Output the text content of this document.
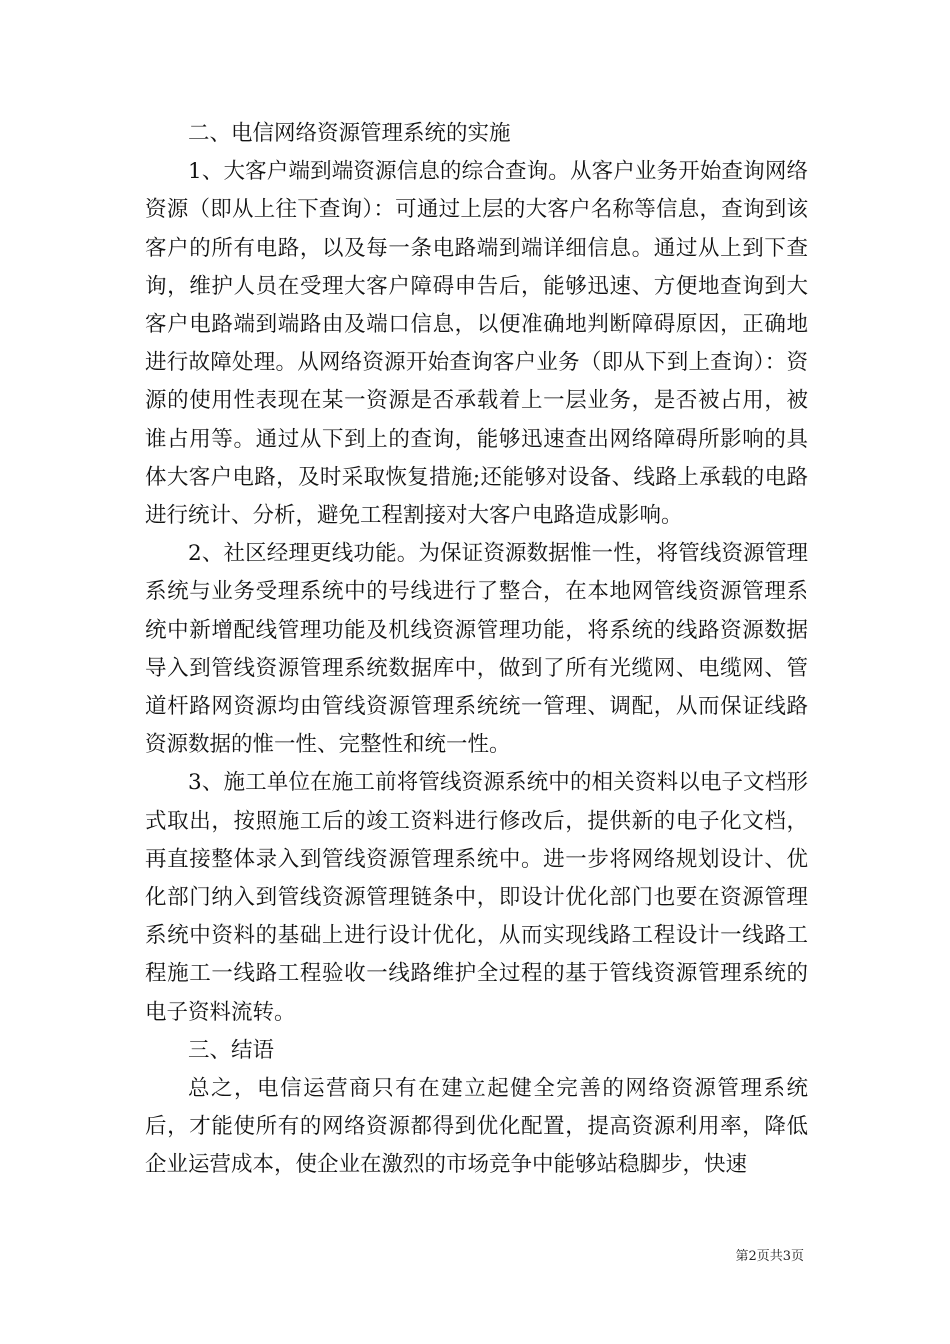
二、电信网络资源管理系统的实施

1、大客户端到端资源信息的综合查询。从客户业务开始查询网络资源（即从上往下查询）：可通过上层的大客户名称等信息，查询到该客户的所有电路，以及每一条电路端到端详细信息。通过从上到下查询，维护人员在受理大客户障碍申告后，能够迅速、方便地查询到大客户电路端到端路由及端口信息，以便准确地判断障碍原因，正确地进行故障处理。从网络资源开始查询客户业务（即从下到上查询）：资源的使用性表现在某一资源是否承载着上一层业务，是否被占用，被谁占用等。通过从下到上的查询，能够迅速查出网络障碍所影响的具体大客户电路，及时采取恢复措施;还能够对设备、线路上承载的电路进行统计、分析，避免工程割接对大客户电路造成影响。

2、社区经理更线功能。为保证资源数据惟一性，将管线资源管理系统与业务受理系统中的号线进行了整合，在本地网管线资源管理系统中新增配线管理功能及机线资源管理功能，将系统的线路资源数据导入到管线资源管理系统数据库中，做到了所有光缆网、电缆网、管道杆路网资源均由管线资源管理系统统一管理、调配，从而保证线路资源数据的惟一性、完整性和统一性。

3、施工单位在施工前将管线资源系统中的相关资料以电子文档形式取出，按照施工后的竣工资料进行修改后，提供新的电子化文档，再直接整体录入到管线资源管理系统中。进一步将网络规划设计、优化部门纳入到管线资源管理链条中，即设计优化部门也要在资源管理系统中资料的基础上进行设计优化，从而实现线路工程设计一线路工程施工一线路工程验收一线路维护全过程的基于管线资源管理系统的电子资料流转。

三、结语

总之，电信运营商只有在建立起健全完善的网络资源管理系统后，才能使所有的网络资源都得到优化配置，提高资源利用率，降低企业运营成本，使企业在激烈的市场竞争中能够站稳脚步，快速

第2页共3页
